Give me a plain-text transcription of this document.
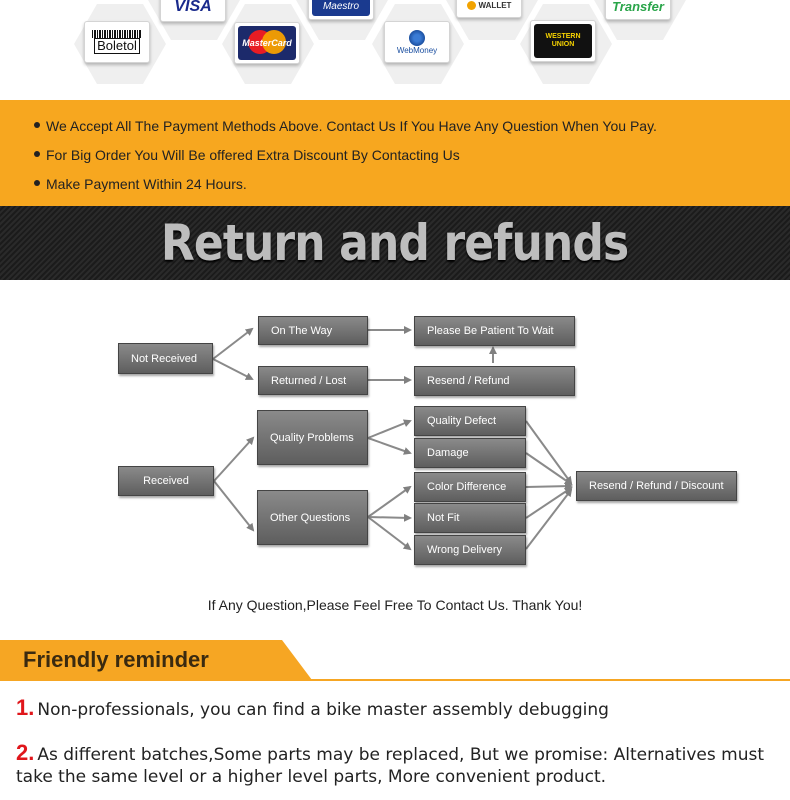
VISA	Maestro	WALLET	Transfer
Boletol	MasterCard
WebMoney
WESTERN UNION
We Accept All The Payment Methods Above. Contact Us If You Have Any Question When You Pay.
For Big Order You Will Be offered Extra Discount By Contacting Us
Make Payment Within 24 Hours.
Return and refunds
Not Received
On The Way
Returned / Lost
Please Be Patient To Wait
Resend / Refund
Received
Quality Problems
Other Questions
Quality Defect
Damage
Color Difference
Not Fit
Wrong Delivery
Resend / Refund / Discount
If Any Question,Please Feel Free To Contact Us. Thank You!
Friendly reminder
1. Non-professionals, you can find a bike master assembly debugging
2. As different batches,Some parts may be replaced, But we promise: Alternatives must take the same level or a higher level parts, More convenient product.
